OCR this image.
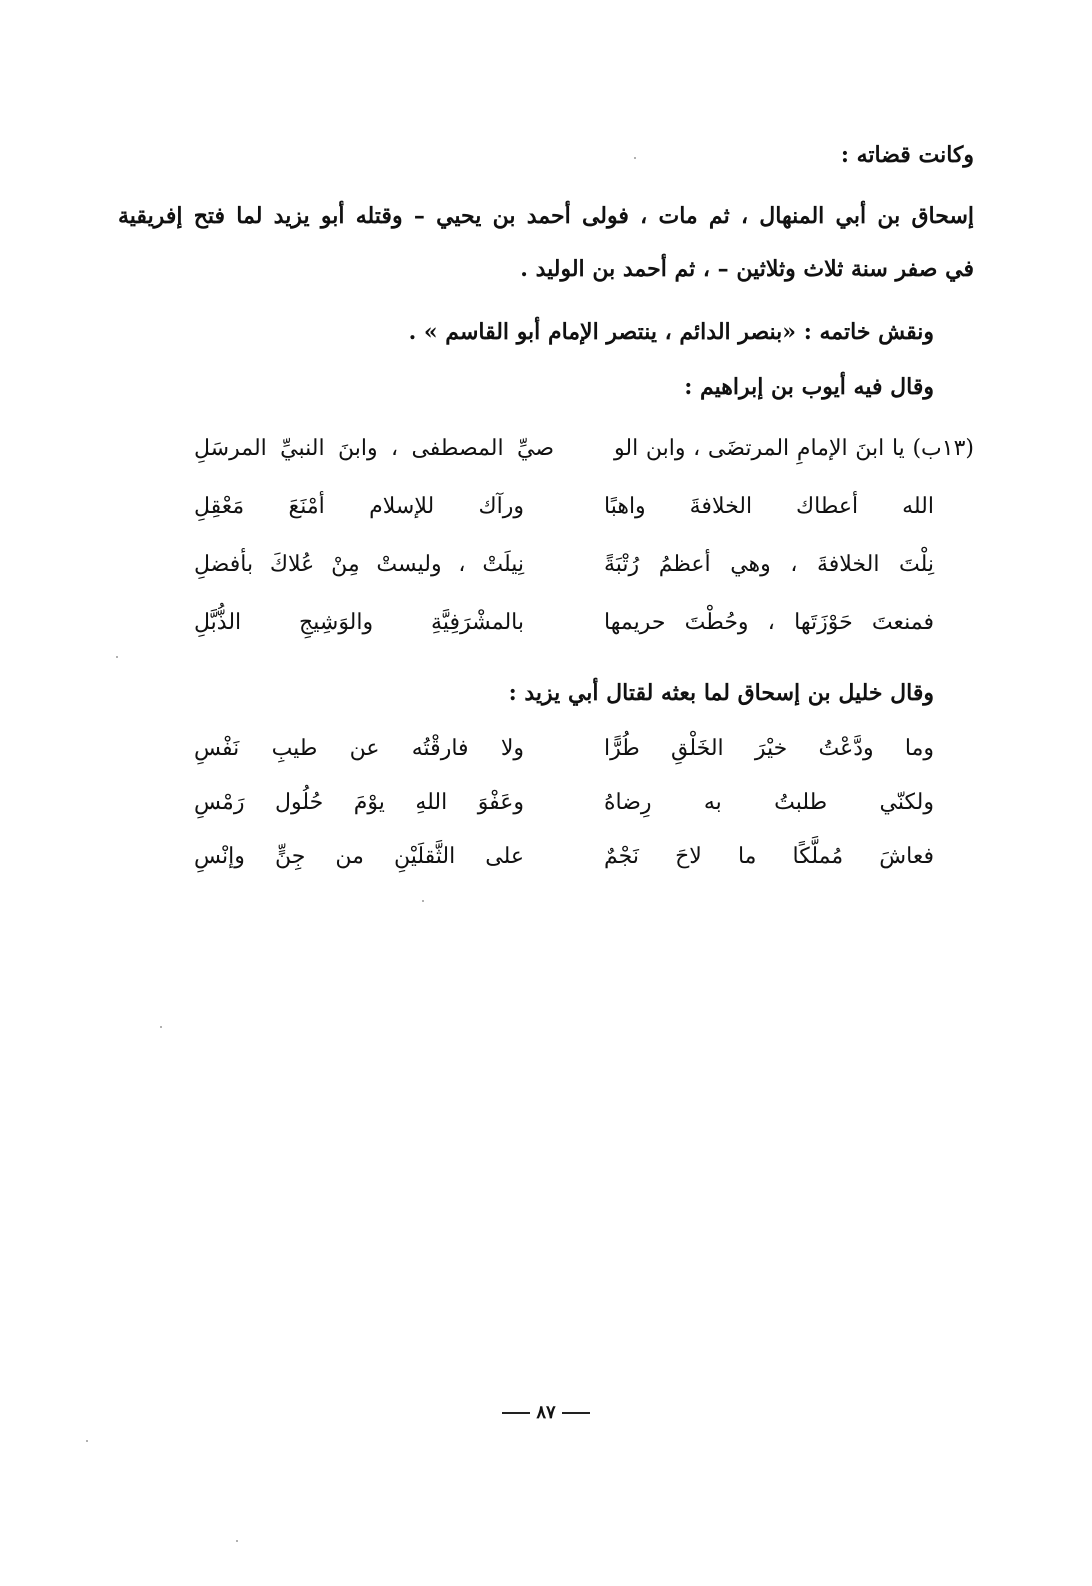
وكانت قضاته :
إسحاق بن أبي المنهال ، ثم مات ، فولى أحمد بن يحيي – وقتله أبو يزيد لما فتح إفريقية
في صفر سنة ثلاث وثلاثين – ، ثم أحمد بن الوليد .
ونقش خاتمه : «بنصر الدائم ، ينتصر الإمام أبو القاسم » .
وقال فيه أيوب بن إبراهيم :
(١٣ب) يا ابنَ الإمامِ المرتضَى ، وابن الو
صيِّ المصطفى ، وابنَ النبيِّ المرسَلِ
الله أعطاك الخلافةَ واهبًا
ورآك للإسلام أمْنَعَ مَعْقِلِ
نِلْتَ الخلافةَ ، وهي أعظمُ رُتْبَةً
نِيلَتْ ، وليستْ مِنْ عُلاكَ بأفضلِ
فمنعتَ حَوْزَتَها ، وحُطْتَ حريمها
بالمشْرَفِيَّةِ والوَشِيجِ الذُّبَّلِ
وقال خليل بن إسحاق لما بعثه لقتال أبي يزيد :
وما ودَّعْتُ خيْرَ الخَلْقِ طُرًّا
ولا فارقْتُه عن طيبِ نَفْسِ
ولكنّي طلبتُ به رِضاهُ
وعَفْوَ اللهِ يوْمَ حُلُول رَمْسِ
فعاشَ مُملَّكًا ما لاحَ نَجْمٌ
على الثَّقلَيْنِ من جِنٍّ وإنْسِ
٨٧
